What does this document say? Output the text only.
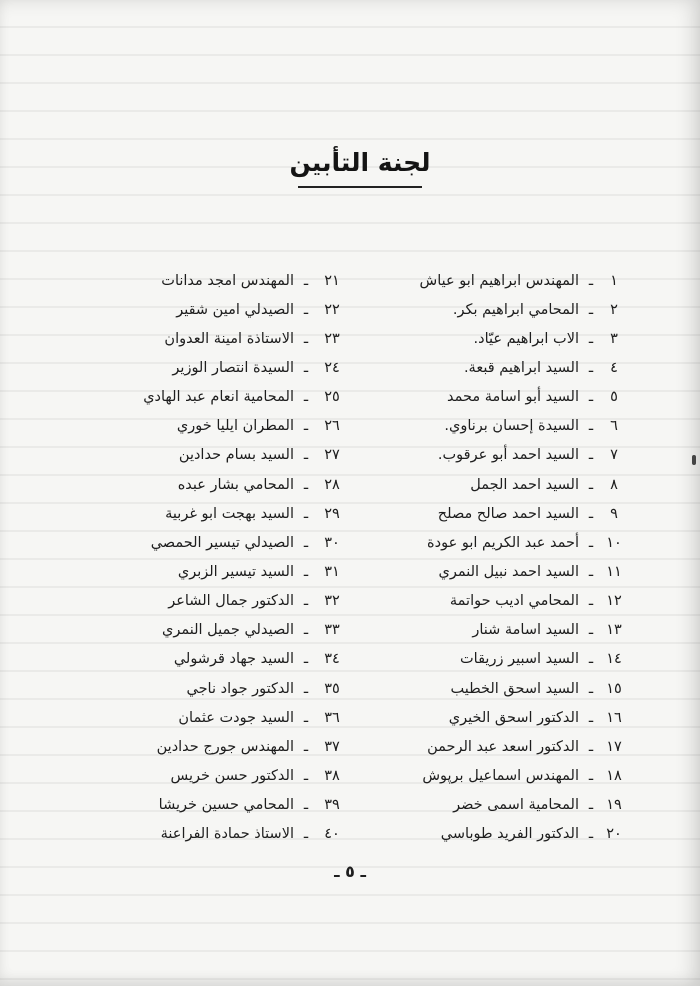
لجنة التأبين
١
ـ
المهندس ابراهيم ابو عياش
٢
ـ
المحامي ابراهيم بكر.
٣
ـ
الاب ابراهيم عيّاد.
٤
ـ
السيد ابراهيم قبعة.
٥
ـ
السيد أبو اسامة محمد
٦
ـ
السيدة إحسان برناوي.
٧
ـ
السيد احمد أبو عرقوب.
٨
ـ
السيد احمد الجمل
٩
ـ
السيد احمد صالح مصلح
١٠
ـ
أحمد عبد الكريم ابو عودة
١١
ـ
السيد احمد نبيل النمري
١٢
ـ
المحامي اديب حواتمة
١٣
ـ
السيد اسامة شنار
١٤
ـ
السيد اسبير زريقات
١٥
ـ
السيد اسحق الخطيب
١٦
ـ
الدكتور اسحق الخيري
١٧
ـ
الدكتور اسعد عبد الرحمن
١٨
ـ
المهندس اسماعيل برپوش
١٩
ـ
المحامية اسمى خضر
٢٠
ـ
الدكتور الفريد طوباسي
٢١
ـ
المهندس امجد مدانات
٢٢
ـ
الصيدلي امين شقير
٢٣
ـ
الاستاذة امينة العدوان
٢٤
ـ
السيدة انتصار الوزير
٢٥
ـ
المحامية انعام عبد الهادي
٢٦
ـ
المطران ايليا خوري
٢٧
ـ
السيد بسام حدادين
٢٨
ـ
المحامي بشار عبده
٢٩
ـ
السيد بهجت ابو غربية
٣٠
ـ
الصيدلي تيسير الحمصي
٣١
ـ
السيد تيسير الزبري
٣٢
ـ
الدكتور جمال الشاعر
٣٣
ـ
الصيدلي جميل النمري
٣٤
ـ
السيد جهاد قرشولي
٣٥
ـ
الدكتور جواد ناجي
٣٦
ـ
السيد جودت عثمان
٣٧
ـ
المهندس جورج حدادين
٣٨
ـ
الدكتور حسن خريس
٣٩
ـ
المحامي حسين خريشا
٤٠
ـ
الاستاذ حمادة الفراعنة
ـ ٥ ـ
